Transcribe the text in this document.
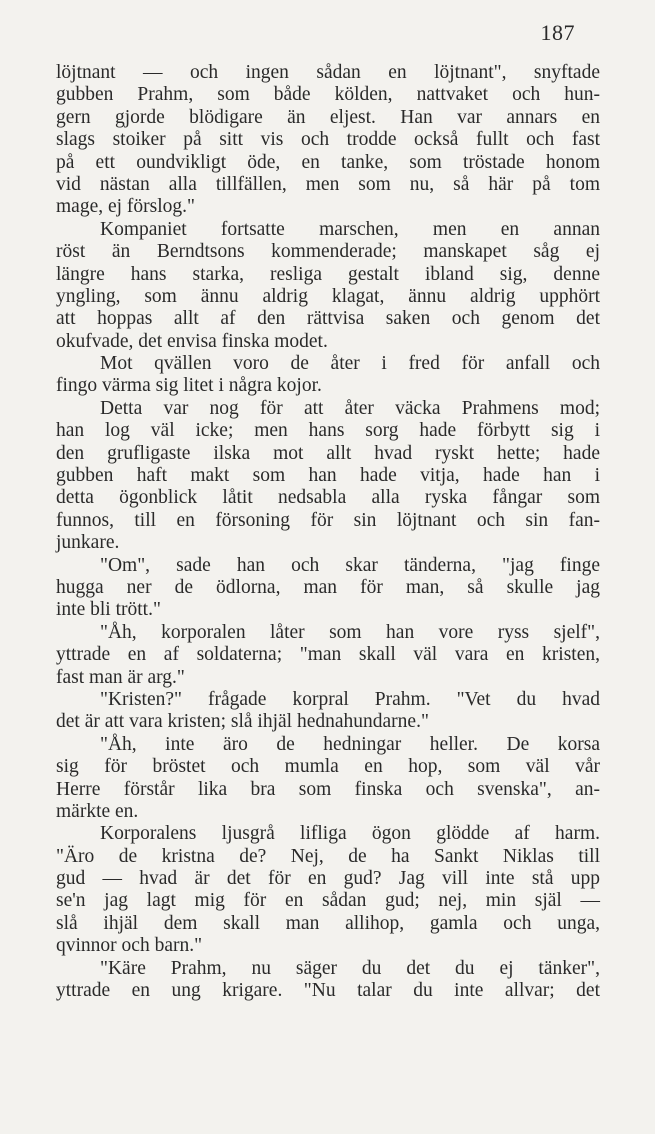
187
löjtnant — och ingen sådan en löjtnant", snyftade
gubben Prahm, som både kölden, nattvaket och hun-
gern gjorde blödigare än eljest. Han var annars en
slags stoiker på sitt vis och trodde också fullt och fast
på ett oundvikligt öde, en tanke, som tröstade honom
vid nästan alla tillfällen, men som nu, så här på tom
mage, ej förslog."
Kompaniet fortsatte marschen, men en annan
röst än Berndtsons kommenderade; manskapet såg ej
längre hans starka, resliga gestalt ibland sig, denne
yngling, som ännu aldrig klagat, ännu aldrig upphört
att hoppas allt af den rättvisa saken och genom det
okufvade, det envisa finska modet.
Mot qvällen voro de åter i fred för anfall och
fingo värma sig litet i några kojor.
Detta var nog för att åter väcka Prahmens mod;
han log väl icke; men hans sorg hade förbytt sig i
den grufligaste ilska mot allt hvad ryskt hette; hade
gubben haft makt som han hade vitja, hade han i
detta ögonblick låtit nedsabla alla ryska fångar som
funnos, till en försoning för sin löjtnant och sin fan-
junkare.
"Om", sade han och skar tänderna, "jag finge
hugga ner de ödlorna, man för man, så skulle jag
inte bli trött."
"Åh, korporalen låter som han vore ryss sjelf",
yttrade en af soldaterna; "man skall väl vara en kristen,
fast man är arg."
"Kristen?" frågade korpral Prahm. "Vet du hvad
det är att vara kristen; slå ihjäl hednahundarne."
"Åh, inte äro de hedningar heller. De korsa
sig för bröstet och mumla en hop, som väl vår
Herre förstår lika bra som finska och svenska", an-
märkte en.
Korporalens ljusgrå lifliga ögon glödde af harm.
"Äro de kristna de? Nej, de ha Sankt Niklas till
gud — hvad är det för en gud? Jag vill inte stå upp
se'n jag lagt mig för en sådan gud; nej, min själ —
slå ihjäl dem skall man allihop, gamla och unga,
qvinnor och barn."
"Käre Prahm, nu säger du det du ej tänker",
yttrade en ung krigare. "Nu talar du inte allvar; det
